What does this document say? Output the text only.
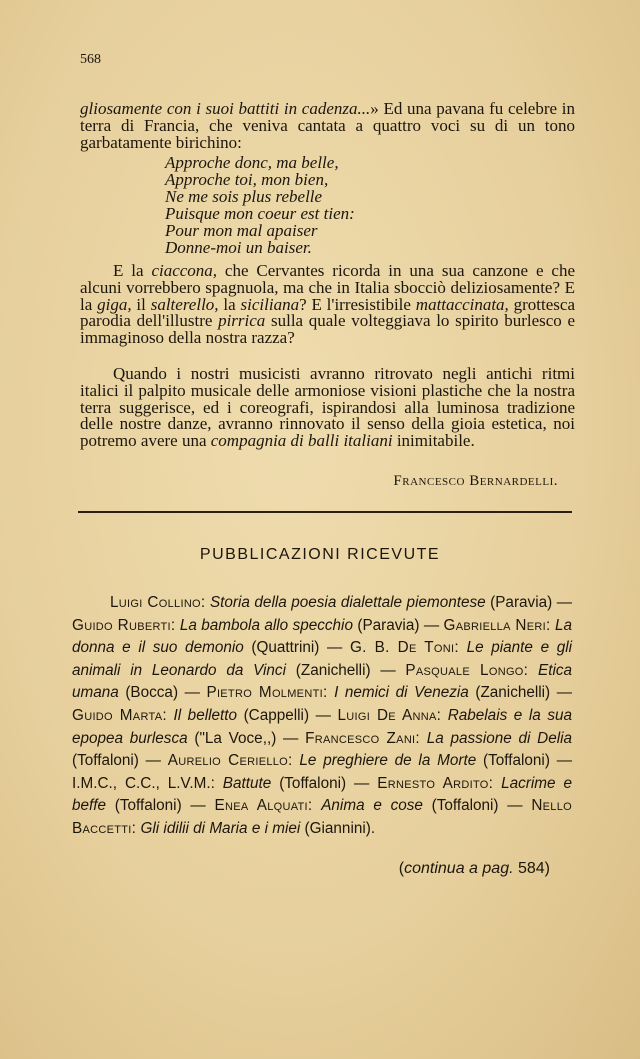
568
gliosamente con i suoi battiti in cadenza...» Ed una pavana fu celebre in terra di Francia, che veniva cantata a quattro voci su di un tono garbatamente birichino:
Approche donc, ma belle,
Approche toi, mon bien,
Ne me sois plus rebelle
Puisque mon coeur est tien:
Pour mon mal apaiser
Donne-moi un baiser.
E la ciaccona, che Cervantes ricorda in una sua canzone e che alcuni vorrebbero spagnuola, ma che in Italia sbocciò deliziosamente? E la giga, il salterello, la siciliana? E l'irresistibile mattaccinata, grottesca parodia dell'illustre pirrica sulla quale volteggiava lo spirito burlesco e immaginoso della nostra razza?
Quando i nostri musicisti avranno ritrovato negli antichi ritmi italici il palpito musicale delle armoniose visioni plastiche che la nostra terra suggerisce, ed i coreografi, ispirandosi alla luminosa tradizione delle nostre danze, avranno rinnovato il senso della gioia estetica, noi potremo avere una compagnia di balli italiani inimitabile.
Francesco Bernardelli.
PUBBLICAZIONI RICEVUTE
Luigi Collino: Storia della poesia dialettale piemontese (Paravia) — Guido Ruberti: La bambola allo specchio (Paravia) — Gabriella Neri: La donna e il suo demonio (Quattrini) — G. B. De Toni: Le piante e gli animali in Leonardo da Vinci (Zanichelli) — Pasquale Longo: Etica umana (Bocca) — Pietro Molmenti: I nemici di Venezia (Zanichelli) — Guido Marta: Il belletto (Cappelli) — Luigi De Anna: Rabelais e la sua epopea burlesca ("La Voce,,) — Francesco Zani: La passione di Delia (Toffaloni) — Aurelio Ceriello: Le preghiere de la Morte (Toffaloni) — I.M.C., C.C., L.V.M.: Battute (Toffaloni) — Ernesto Ardito: Lacrime e beffe (Toffaloni) — Enea Alquati: Anima e cose (Toffaloni) — Nello Baccetti: Gli idilii di Maria e i miei (Giannini).
(continua a pag. 584)
